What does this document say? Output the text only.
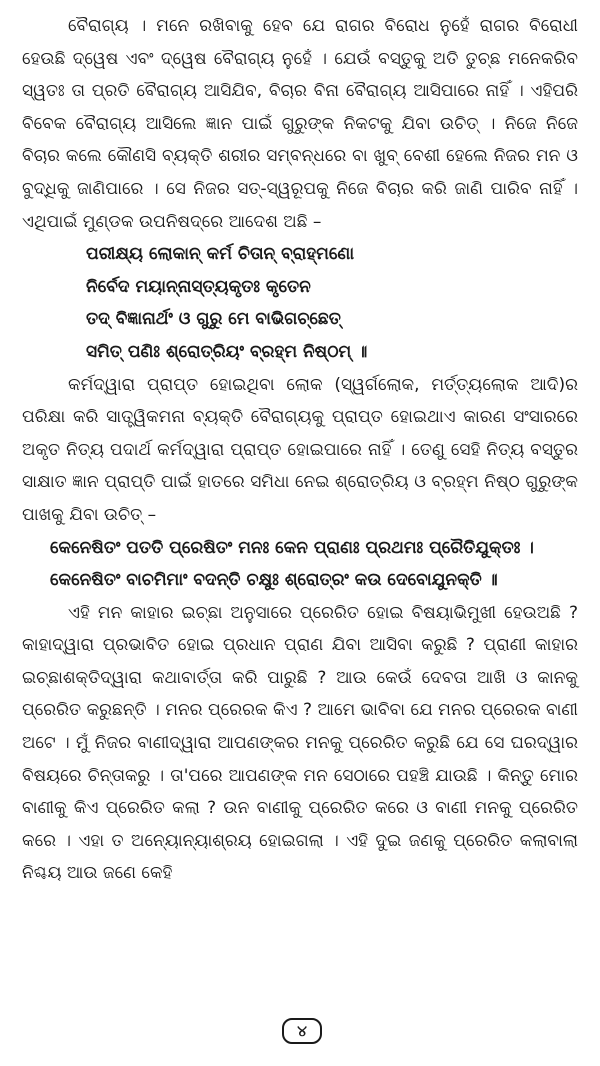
ବୈରାଗ୍ୟ । ମନେ ରଖିବାକୁ ହେବ ଯେ ରାଗର ବିରୋଧ ନୁହେଁ ରାଗର ବିରୋଧୀ ହେଉଛି ଦ୍ୱେଷ ଏବଂ ଦ୍ୱେଷ ବୈରାଗ୍ୟ ନୁହେଁ । ଯେଉଁ ବସ୍ତୁକୁ ଅତି ତୁଚ୍ଛ ମନେକରିବ ସ୍ୱତଃ ତା ପ୍ରତି ବୈରାଗ୍ୟ ଆସିଯିବ, ବିଚାର ବିନା ବୈରାଗ୍ୟ ଆସିପାରେ ନାହିଁ । ଏହିପରି ବିବେକ ବୈରାଗ୍ୟ ଆସିଲେ ଜ୍ଞାନ ପାଇଁ ଗୁରୁଙ୍କ ନିକଟକୁ ଯିବା ଉଚିତ୍ । ନିଜେ ନିଜେ ବିଚାର କଲେ କୌଣସି ବ୍ୟକ୍ତି ଶରୀର ସମ୍ବନ୍ଧରେ ବା ଖୁବ୍ ବେଶୀ ହେଲେ ନିଜର ମନ ଓ ବୁଦ୍ଧିକୁ ଜାଣିପାରେ । ସେ ନିଜର ସତ୍-ସ୍ୱରୂପକୁ ନିଜେ ବିଚାର କରି ଜାଣି ପାରିବ ନାହିଁ । ଏଥିପାଇଁ ମୁଣ୍ଡକ ଉପନିଷଦ୍‌ରେ ଆଦେଶ ଅଛି –

ପରୀକ୍ଷ୍ୟ ଲୋକାନ୍ କର୍ମ ଚିତାନ୍ ବ୍ରାହ୍ମଣୋ
ନିର୍ବେଦ ମୟାନ୍ନାସ୍ତ୍ୟକୃତଃ କୃତେନ
ତଦ୍ ବିଜ୍ଞାନାର୍ଥଂ ଓ ଗୁରୁ ମେ ବାଭିଗଚ୍ଛେତ୍
ସମିତ୍ ପଣିଃ ଶ୍ରୋତ୍ରିୟଂ ବ୍ରହ୍ମ ନିଷ୍ଠମ୍ ॥

କର୍ମଦ୍ୱାରା ପ୍ରାପ୍ତ ହୋଇଥିବା ଲୋକ (ସ୍ୱର୍ଗଲୋକ, ମର୍ତ୍ତ୍ୟଲୋକ ଆଦି)ର ପରିକ୍ଷା କରି ସାତ୍ତ୍ୱିକମନା ବ୍ୟକ୍ତି ବୈରାଗ୍ୟକୁ ପ୍ରାପ୍ତ ହୋଇଥାଏ କାରଣ ସଂସାରରେ ଅକୃତ ନିତ୍ୟ ପଦାର୍ଥ କର୍ମଦ୍ୱାରା ପ୍ରାପ୍ତ ହୋଇପାରେ ନାହିଁ । ତେଣୁ ସେହି ନିତ୍ୟ ବସ୍ତୁର ସାକ୍ଷାତ ଜ୍ଞାନ ପ୍ରାପ୍ତି ପାଇଁ ହାତରେ ସମିଧା ନେଇ ଶ୍ରୋତ୍ରିୟ ଓ ବ୍ରହ୍ମ ନିଷ୍ଠ ଗୁରୁଙ୍କ ପାଖକୁ ଯିବା ଉଚିତ୍ –

କେନେଷିତଂ ପତତି ପ୍ରେଷିତଂ ମନଃ କେନ ପ୍ରାଣଃ ପ୍ରଥମଃ ପ୍ରୈତିଯୁକ୍ତଃ ।
କେନେଷିତଂ ବାଚମିମାଂ ବଦନ୍ତି ଚକ୍ଷୁଃ ଶ୍ରୋତ୍ରଂ କଉ ଦେବୋଯୁନକ୍ତି ॥

ଏହି ମନ କାହାର ଇଚ୍ଛା ଅନୁସାରେ ପ୍ରେରିତ ହୋଇ ବିଷୟାଭିମୁଖୀ ହେଉଅଛି ? କାହାଦ୍ୱାରା ପ୍ରଭାବିତ ହୋଇ ପ୍ରଧାନ ପ୍ରାଣ ଯିବା ଆସିବା କରୁଛି ? ପ୍ରାଣୀ କାହାର ଇଚ୍ଛାଶକ୍ତିଦ୍ୱାରା କଥାବାର୍ତ୍ତା କରି ପାରୁଛି ? ଆଉ କେଉଁ ଦେବତା ଆଖି ଓ କାନକୁ ପ୍ରେରିତ କରୁଛନ୍ତି । ମନର ପ୍ରେରକ କିଏ ? ଆମେ ଭାବିବା ଯେ ମନର ପ୍ରେରକ ବାଣୀ ଅଟେ । ମୁଁ ନିଜର ବାଣୀଦ୍ୱାରା ଆପଣଙ୍କର ମନକୁ ପ୍ରେରିତ କରୁଛି ଯେ ସେ ଘରଦ୍ୱାର ବିଷୟରେ ଚିନ୍ତାକରୁ । ତା'ପରେ ଆପଣଙ୍କ ମନ ସେଠାରେ ପହଞ୍ଚି ଯାଉଛି । କିନ୍ତୁ ମୋର ବାଣୀକୁ କିଏ ପ୍ରେରିତ କଲା ? ଉନ ବାଣୀକୁ ପ୍ରେରିତ କରେ ଓ ବାଣୀ ମନକୁ ପ୍ରେରିତ କରେ । ଏହା ତ ଅନ୍ୟୋନ୍ୟାଶ୍ରୟ ହୋଇଗଲା । ଏହି ଦୁଇ ଜଣକୁ ପ୍ରେରିତ କଲାବାଲା ନିଶ୍ଚୟ ଆଉ ଜଣେ କେହି

୪
